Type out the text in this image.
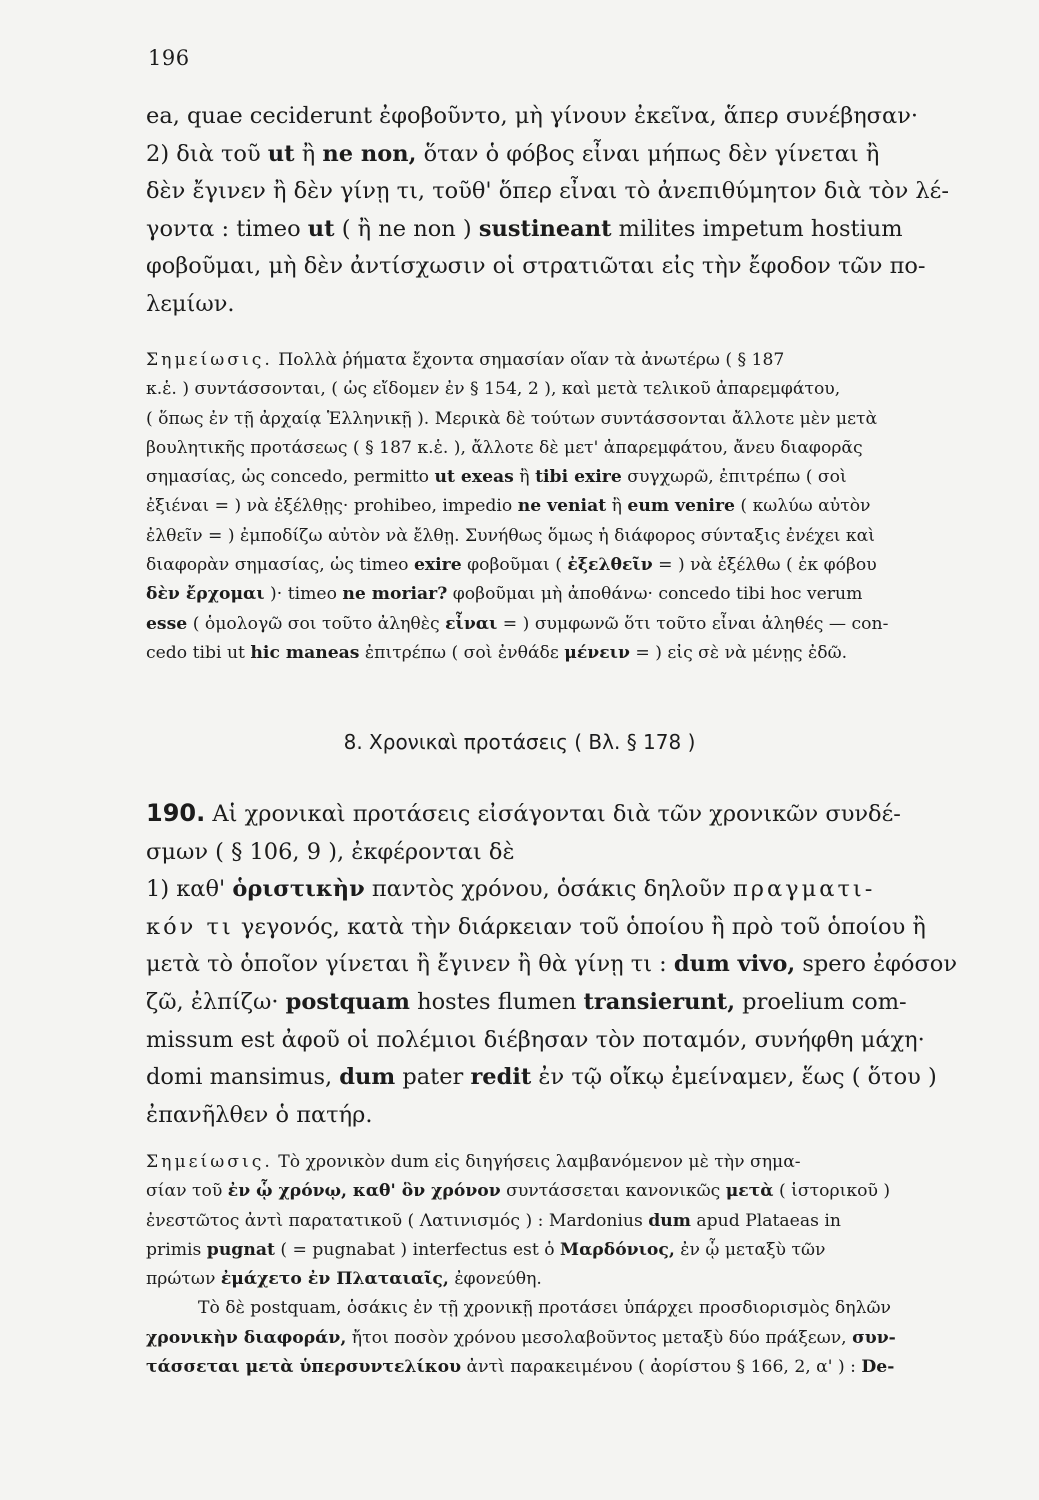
196
ea, quae ceciderunt ἐφοβοῦντο, μὴ γίνουν ἐκεῖνα, ἅπερ συνέβησαν·
2) διὰ τοῦ ut ἢ ne non, ὅταν ὁ φόβος εἶναι μήπως δὲν γίνεται ἢ
δὲν ἔγινεν ἢ δὲν γίνῃ τι, τοῦθ' ὅπερ εἶναι τὸ ἀνεπιθύμητον διὰ τὸν λέ-
γοντα : timeo ut ( ἢ ne non ) sustineant milites impetum hostium
φοβοῦμαι, μὴ δὲν ἀντίσχωσιν οἱ στρατιῶται εἰς τὴν ἔφοδον τῶν πο-
λεμίων.
Σημείωσις. Πολλὰ ῥήματα ἔχοντα σημασίαν οἵαν τὰ ἀνωτέρω ( § 187
κ.ἑ. ) συντάσσονται, ( ὡς εἴδομεν ἐν § 154, 2 ), καὶ μετὰ τελικοῦ ἀπαρεμφάτου,
( ὅπως ἐν τῇ ἀρχαίᾳ Ἑλληνικῇ ). Μερικὰ δὲ τούτων συντάσσονται ἄλλοτε μὲν μετὰ
βουλητικῆς προτάσεως ( § 187 κ.ἑ. ), ἄλλοτε δὲ μετ' ἀπαρεμφάτου, ἄνευ διαφορᾶς
σημασίας, ὡς concedo, permitto ut exeas ἢ tibi exire συγχωρῶ, ἐπιτρέπω ( σοὶ
ἐξιέναι = ) νὰ ἐξέλθῃς· prohibeo, impedio ne veniat ἢ eum venire ( κωλύω αὐτὸν
ἐλθεῖν = ) ἐμποδίζω αὐτὸν νὰ ἔλθῃ. Συνήθως ὅμως ἡ διάφορος σύνταξις ἐνέχει καὶ
διαφορὰν σημασίας, ὡς timeo exire φοβοῦμαι ( ἐξελθεῖν = ) νὰ ἐξέλθω ( ἐκ φόβου
δὲν ἔρχομαι )· timeo ne moriar? φοβοῦμαι μὴ ἀποθάνω· concedo tibi hoc verum
esse ( ὁμολογῶ σοι τοῦτο ἀληθὲς εἶναι = ) συμφωνῶ ὅτι τοῦτο εἶναι ἀληθές — con-
cedo tibi ut hic maneas ἐπιτρέπω ( σοὶ ἐνθάδε μένειν = ) εἰς σὲ νὰ μένῃς ἐδῶ.
8. Χρονικαὶ προτάσεις ( Βλ. § 178 )
190. Αἱ χρονικαὶ προτάσεις εἰσάγονται διὰ τῶν χρονικῶν συνδέ-
σμων ( § 106, 9 ), ἐκφέρονται δὲ
1) καθ' ὁριστικὴν παντὸς χρόνου, ὁσάκις δηλοῦν πραγματι-
κόν τι γεγονός, κατὰ τὴν διάρκειαν τοῦ ὁποίου ἢ πρὸ τοῦ ὁποίου ἢ
μετὰ τὸ ὁποῖον γίνεται ἢ ἔγινεν ἢ θὰ γίνῃ τι : dum vivo, spero ἐφόσον
ζῶ, ἐλπίζω· postquam hostes flumen transierunt, proelium com-
missum est ἀφοῦ οἱ πολέμιοι διέβησαν τὸν ποταμόν, συνήφθη μάχη·
domi mansimus, dum pater redit ἐν τῷ οἴκῳ ἐμείναμεν, ἕως ( ὅτου )
ἐπανῆλθεν ὁ πατήρ.
Σημείωσις. Τὸ χρονικὸν dum εἰς διηγήσεις λαμβανόμενον μὲ τὴν σημα-
σίαν τοῦ ἐν ᾧ χρόνῳ, καθ' ὃν χρόνον συντάσσεται κανονικῶς μετὰ ( ἱστορικοῦ )
ἐνεστῶτος ἀντὶ παρατατικοῦ ( Λατινισμός ) : Mardonius dum apud Plataeas in
primis pugnat ( = pugnabat ) interfectus est ὁ Μαρδόνιος, ἐν ᾧ μεταξὺ τῶν
πρώτων ἐμάχετο ἐν Πλαταιαῖς, ἐφονεύθη.
Τὸ δὲ postquam, ὁσάκις ἐν τῇ χρονικῇ προτάσει ὑπάρχει προσδιορισμὸς δηλῶν
χρονικὴν διαφοράν, ἤτοι ποσὸν χρόνου μεσολαβοῦντος μεταξὺ δύο πράξεων, συν-
τάσσεται μετὰ ὑπερσυντελίκου ἀντὶ παρακειμένου ( ἀορίστου § 166, 2, α' ) : De-
